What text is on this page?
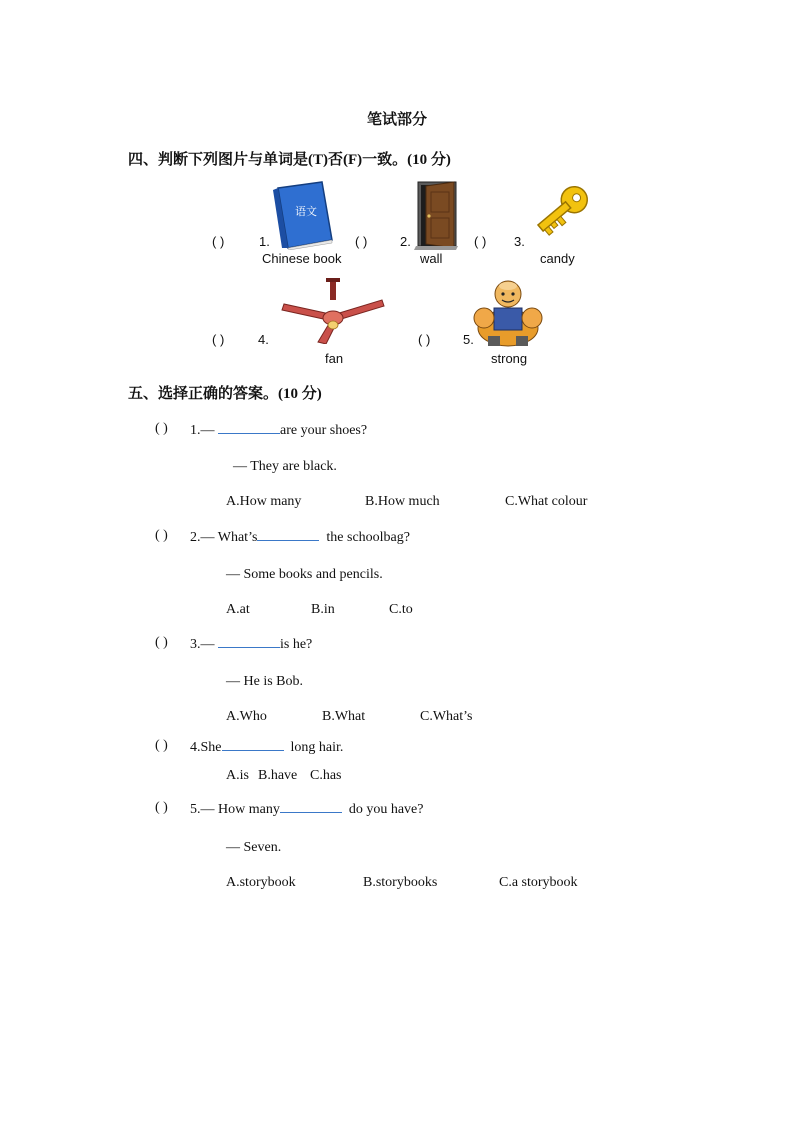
笔试部分
四、判断下列图片与单词是(T)否(F)一致。(10 分)
( )	1.
语文
Chinese book
( )	2.
wall
( ) 3.
candy
( )	4.
fan
( )	5.
strong
五、选择正确的答案。(10 分)
( ) 1.—	are your shoes?
— They are black.
A.How many	B.How much	C.What colour
( ) 2.— What’s	the schoolbag?
— Some books and pencils.
A.at	B.in	C.to
( ) 3.—	is he?
— He is Bob.
A.Who	B.What	C.What’s
( ) 4.She	long hair.
A.is B.have C.has
( ) 5.— How many	do you have?
— Seven.
A.storybook	B.storybooks	C.a storybook
